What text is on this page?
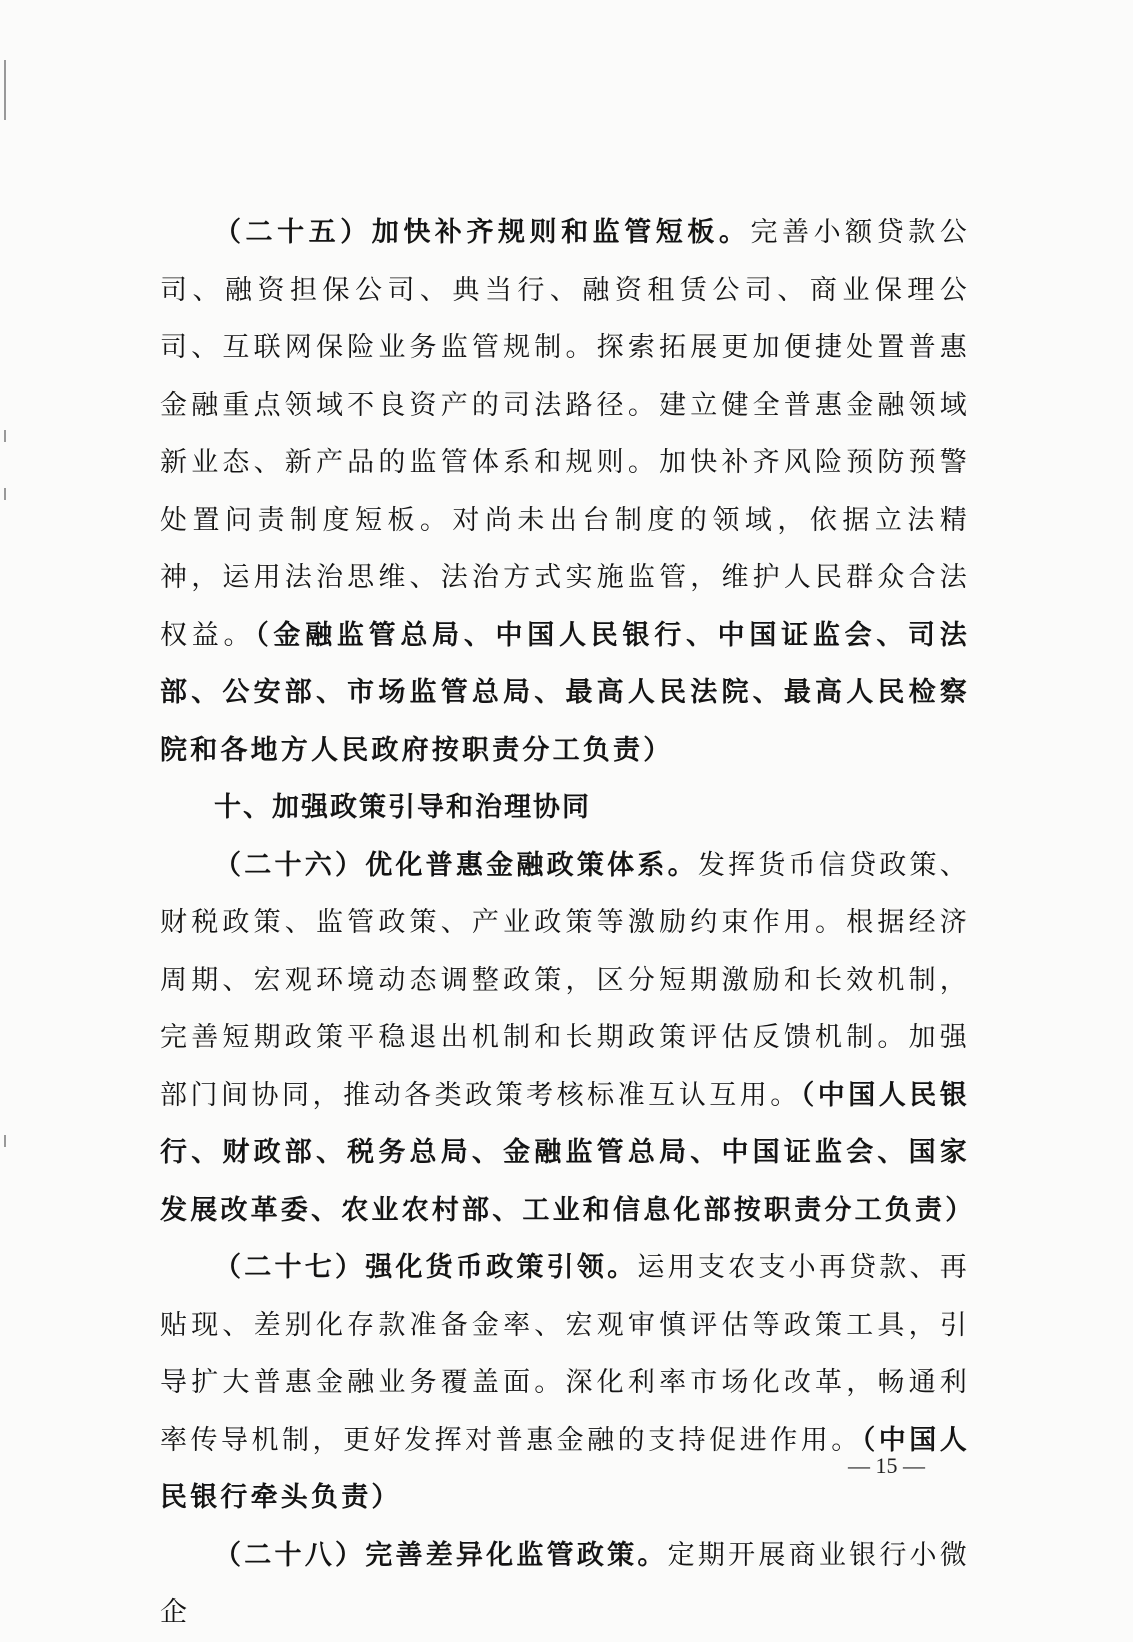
（二十五）加快补齐规则和监管短板。完善小额贷款公司、融资担保公司、典当行、融资租赁公司、商业保理公司、互联网保险业务监管规制。探索拓展更加便捷处置普惠金融重点领域不良资产的司法路径。建立健全普惠金融领域新业态、新产品的监管体系和规则。加快补齐风险预防预警处置问责制度短板。对尚未出台制度的领域，依据立法精神，运用法治思维、法治方式实施监管，维护人民群众合法权益。（金融监管总局、中国人民银行、中国证监会、司法部、公安部、市场监管总局、最高人民法院、最高人民检察院和各地方人民政府按职责分工负责）

十、加强政策引导和治理协同

（二十六）优化普惠金融政策体系。发挥货币信贷政策、财税政策、监管政策、产业政策等激励约束作用。根据经济周期、宏观环境动态调整政策，区分短期激励和长效机制，完善短期政策平稳退出机制和长期政策评估反馈机制。加强部门间协同，推动各类政策考核标准互认互用。（中国人民银行、财政部、税务总局、金融监管总局、中国证监会、国家发展改革委、农业农村部、工业和信息化部按职责分工负责）

（二十七）强化货币政策引领。运用支农支小再贷款、再贴现、差别化存款准备金率、宏观审慎评估等政策工具，引导扩大普惠金融业务覆盖面。深化利率市场化改革，畅通利率传导机制，更好发挥对普惠金融的支持促进作用。（中国人民银行牵头负责）

（二十八）完善差异化监管政策。定期开展商业银行小微企

— 15 —
